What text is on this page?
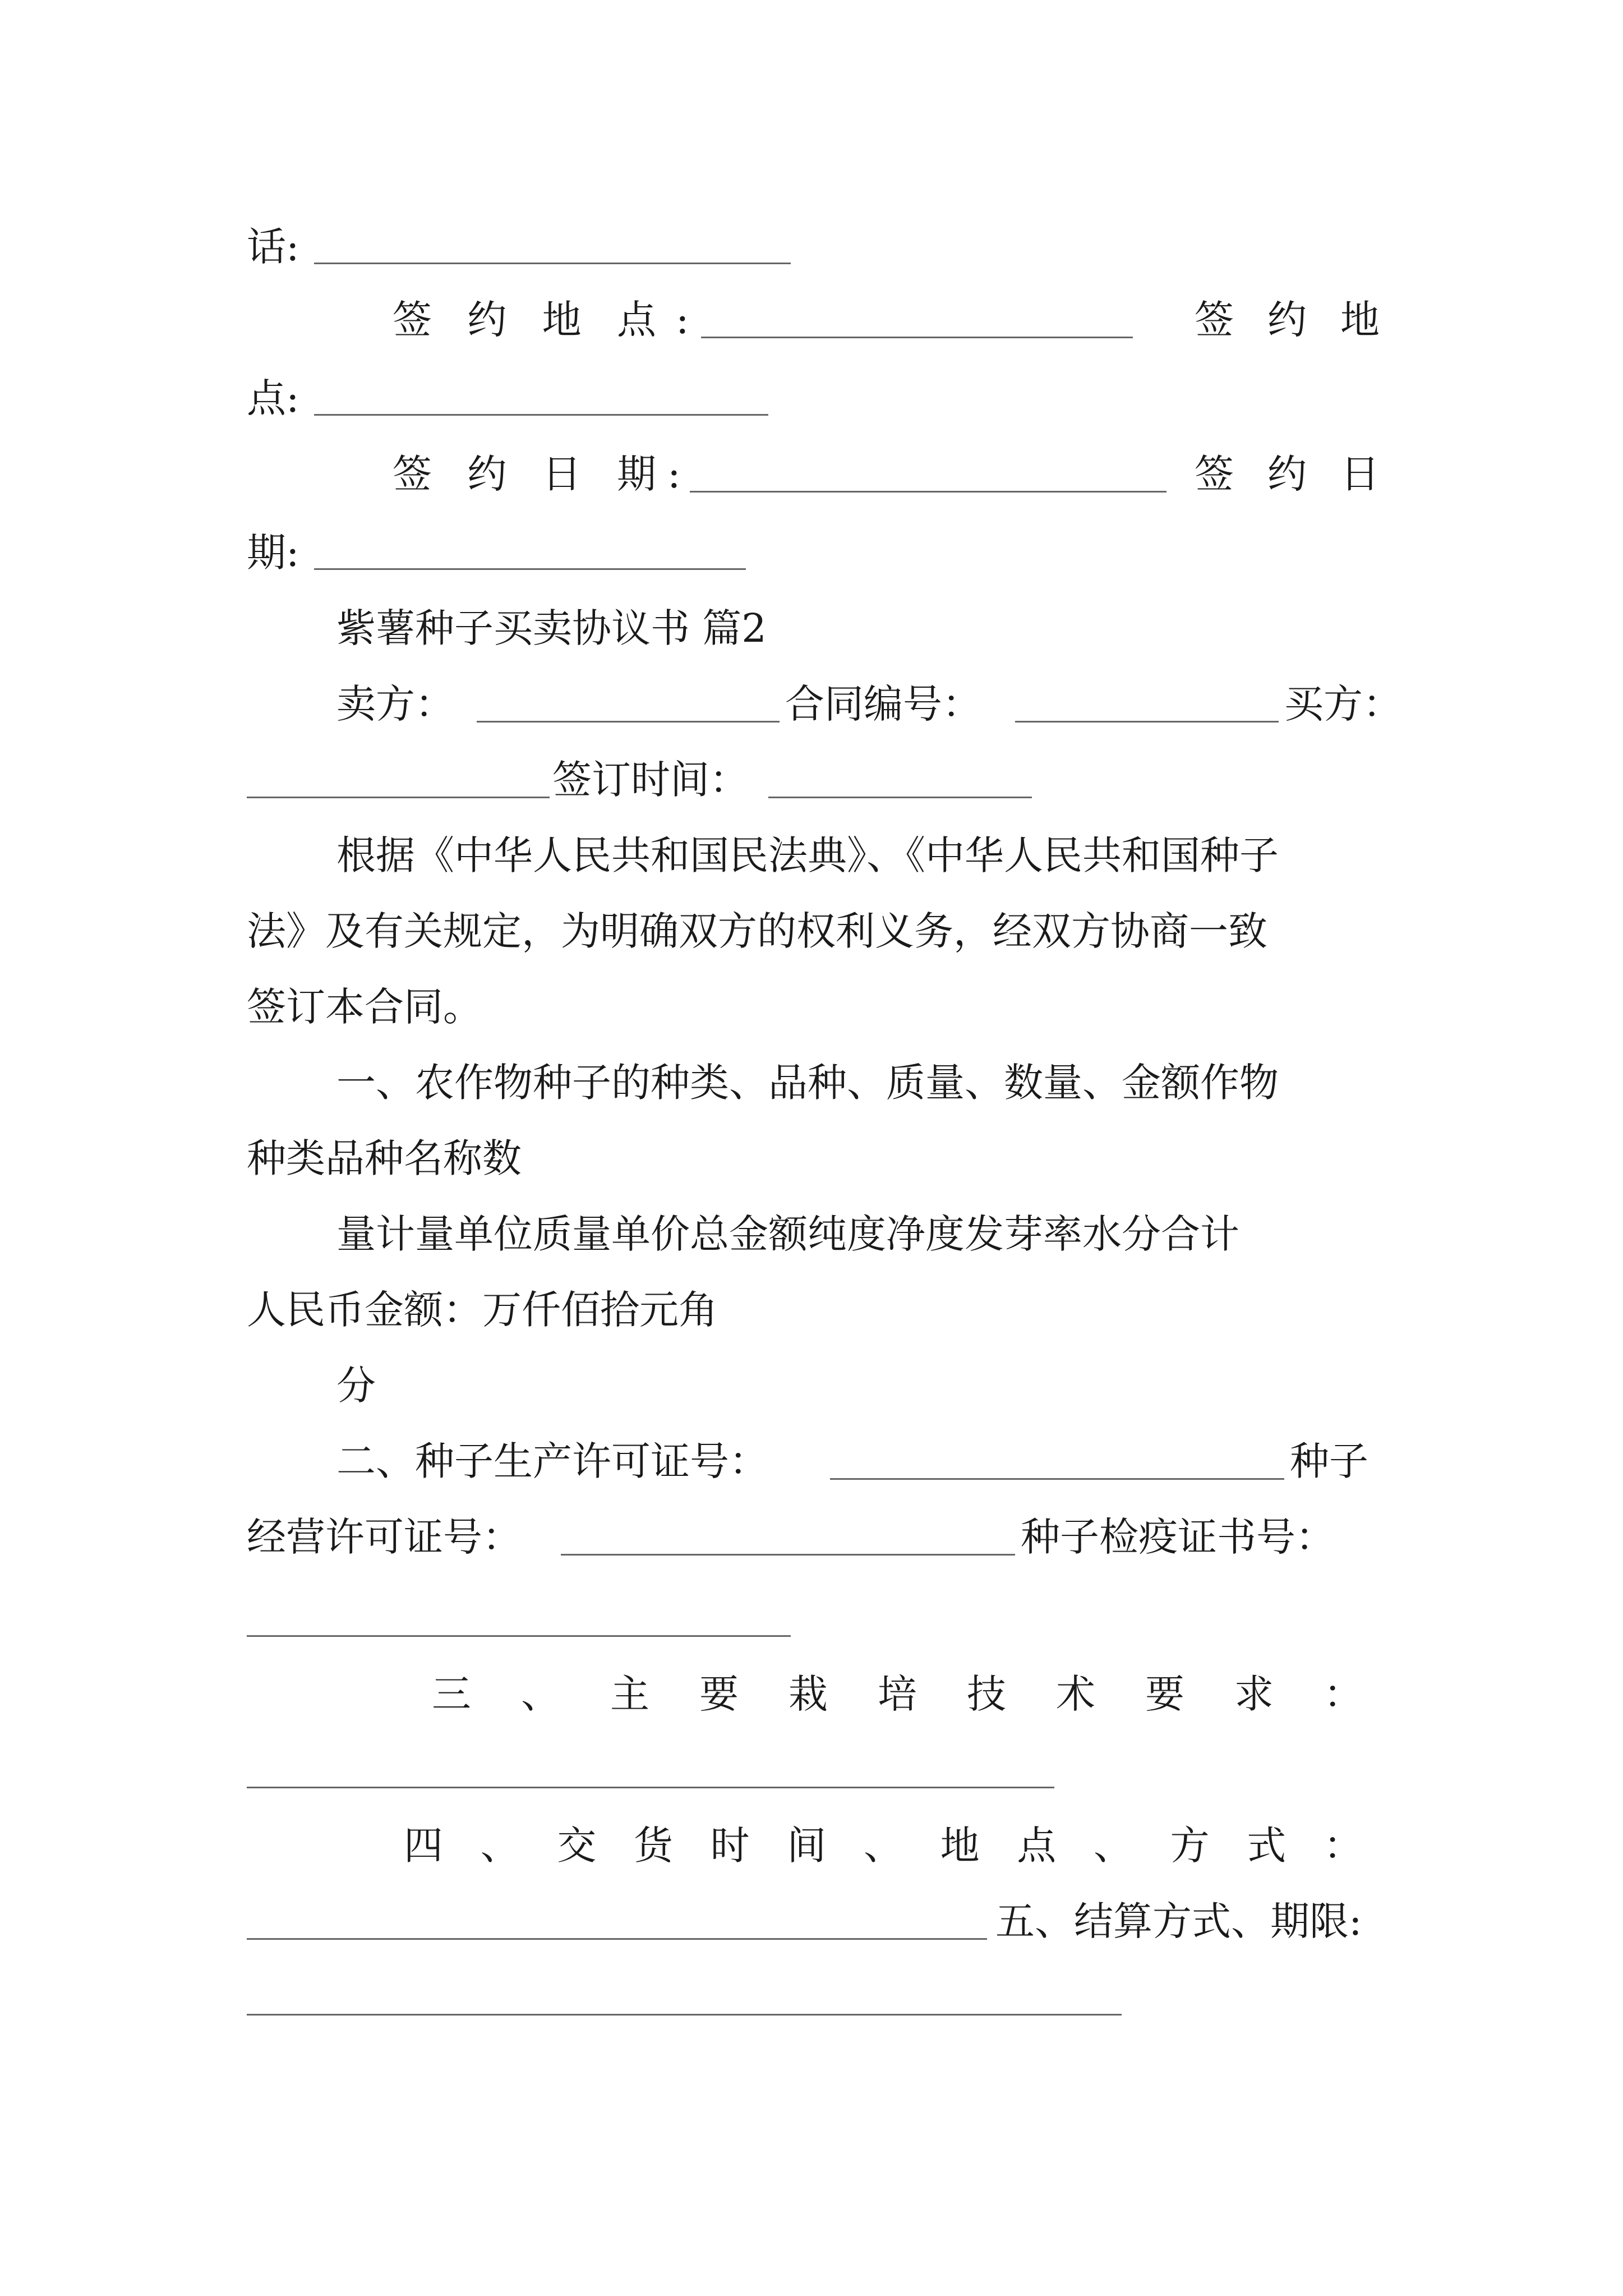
话:
签 约 地 点 :	签 约 地
点:
签 约 日 期 :	签 约 日
期:
紫薯种子买卖协议书 篇2
卖方：	合同编号：	买方：
签订时间：
根据《中华人民共和国民法典》、《中华人民共和国种子
法》及有关规定，为明确双方的权利义务，经双方协商一致
签订本合同。
一、农作物种子的种类、品种、质量、数量、金额作物
种类品种名称数
量计量单位质量单价总金额纯度净度发芽率水分合计
人民币金额：万仟佰拾元角
分
二、种子生产许可证号：	种子
经营许可证号：	种子检疫证书号：
三 、 主 要 栽 培 技 术 要 求 ：
四 、 交 货 时 间 、 地 点 、 方 式 ：
五、结算方式、期限:
